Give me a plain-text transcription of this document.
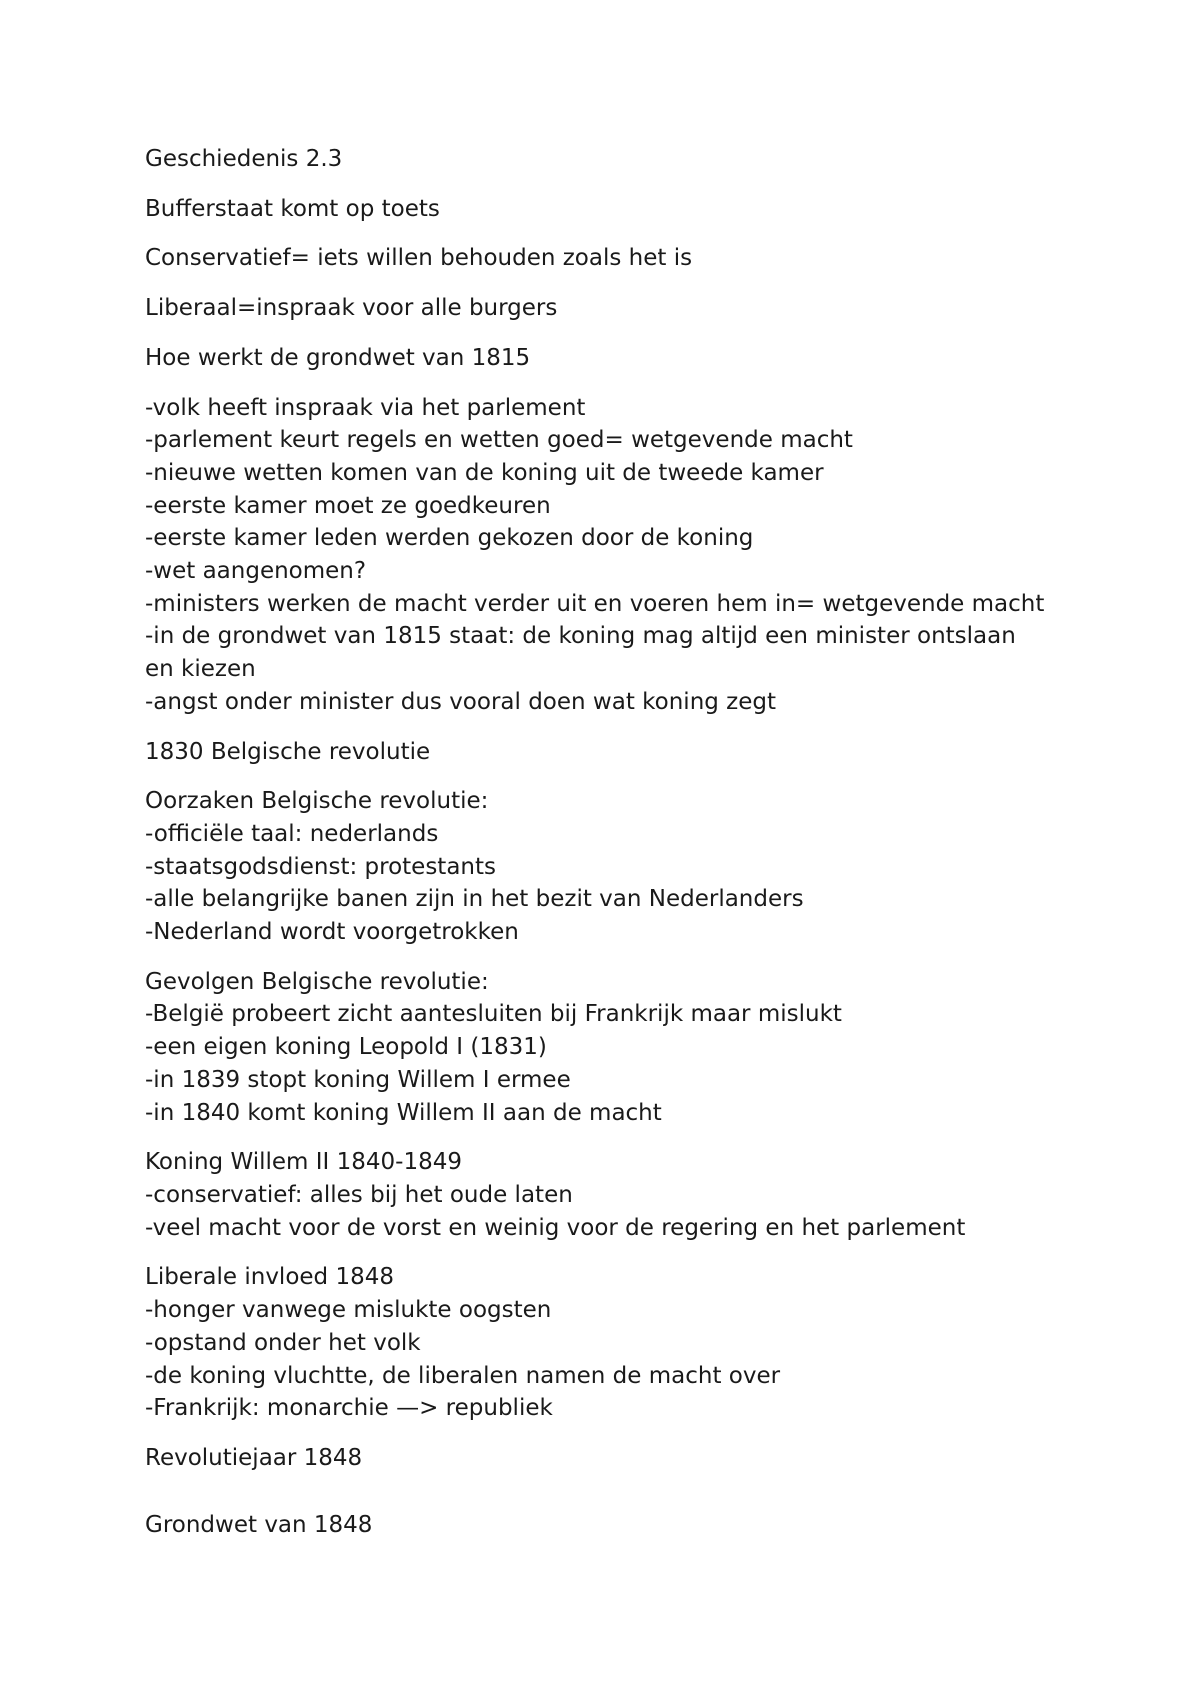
Geschiedenis 2.3
Bufferstaat komt op toets
Conservatief= iets willen behouden zoals het is
Liberaal=inspraak voor alle burgers
Hoe werkt de grondwet van 1815
-volk heeft inspraak via het parlement
-parlement keurt regels en wetten goed= wetgevende macht
-nieuwe wetten komen van de koning uit de tweede kamer
-eerste kamer moet ze goedkeuren
-eerste kamer leden werden gekozen door de koning
-wet aangenomen?
-ministers werken de macht verder uit en voeren hem in= wetgevende macht
-in de grondwet van 1815 staat: de koning mag altijd een minister ontslaan en kiezen
-angst onder minister dus vooral doen wat koning zegt
1830 Belgische revolutie
Oorzaken Belgische revolutie:
-officiële taal: nederlands
-staatsgodsdienst: protestants
-alle belangrijke banen zijn in het bezit van Nederlanders
-Nederland wordt voorgetrokken
Gevolgen Belgische revolutie:
-België probeert zicht aantesluiten bij Frankrijk maar mislukt
-een eigen koning Leopold I (1831)
-in 1839 stopt koning Willem I ermee
-in 1840 komt koning Willem II aan de macht
Koning Willem II 1840-1849
-conservatief: alles bij het oude laten
-veel macht voor de vorst en weinig voor de regering en het parlement
Liberale invloed 1848
-honger vanwege mislukte oogsten
-opstand onder het volk
-de koning vluchtte, de liberalen namen de macht over
-Frankrijk: monarchie —> republiek
Revolutiejaar 1848
Grondwet van 1848
